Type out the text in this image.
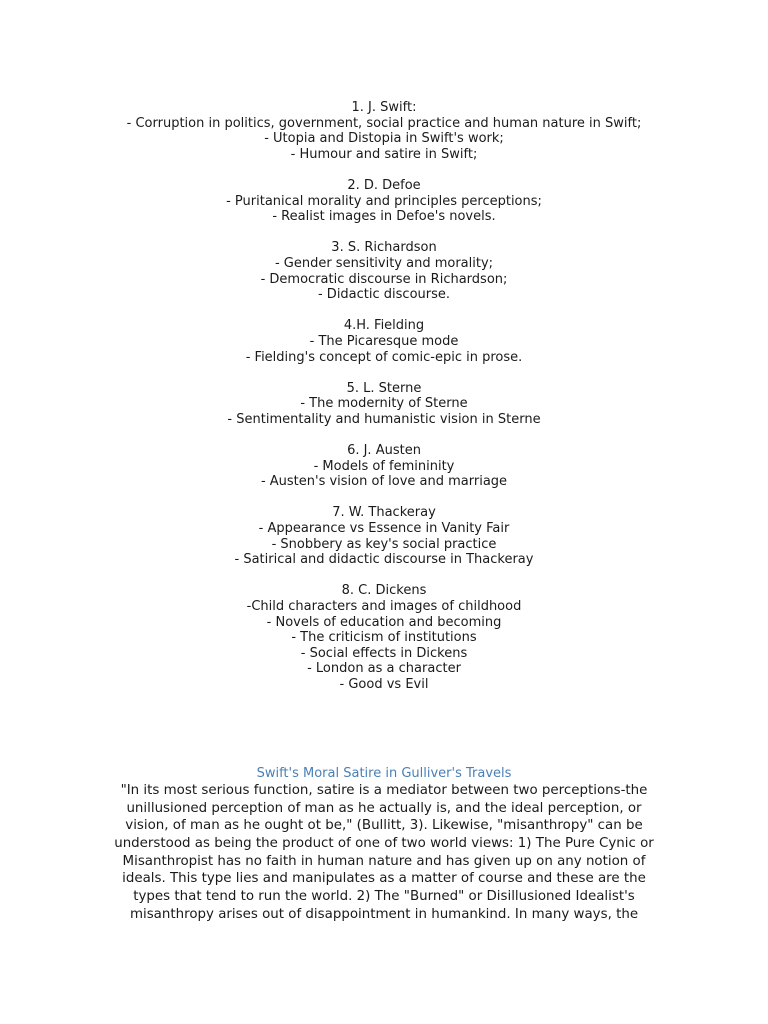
1. J. Swift:
- Corruption in politics, government, social practice and human nature in Swift;
- Utopia and Distopia in Swift's work;
- Humour and satire in Swift;
2. D. Defoe
- Puritanical morality and principles perceptions;
- Realist images in Defoe's novels.
3. S. Richardson
- Gender sensitivity and morality;
- Democratic discourse in Richardson;
- Didactic discourse.
4.H. Fielding
- The Picaresque mode
- Fielding's concept of comic-epic in prose.
5. L. Sterne
- The modernity of Sterne
- Sentimentality and humanistic vision in Sterne
6. J. Austen
- Models of femininity
- Austen's vision of love and marriage
7. W. Thackeray
- Appearance vs Essence in Vanity Fair
- Snobbery as key's social practice
- Satirical and didactic discourse in Thackeray
8. C. Dickens
-Child characters and images of childhood
- Novels of education and becoming
- The criticism of institutions
- Social effects in Dickens
- London as a character
- Good vs Evil
Swift's Moral Satire in Gulliver's Travels
"In its most serious function, satire is a mediator between two perceptions-the
unillusioned perception of man as he actually is, and the ideal perception, or
vision, of man as he ought ot be," (Bullitt, 3). Likewise, "misanthropy" can be
understood as being the product of one of two world views: 1) The Pure Cynic or
Misanthropist has no faith in human nature and has given up on any notion of
ideals. This type lies and manipulates as a matter of course and these are the
types that tend to run the world. 2) The "Burned" or Disillusioned Idealist's
misanthropy arises out of disappointment in humankind. In many ways, the
